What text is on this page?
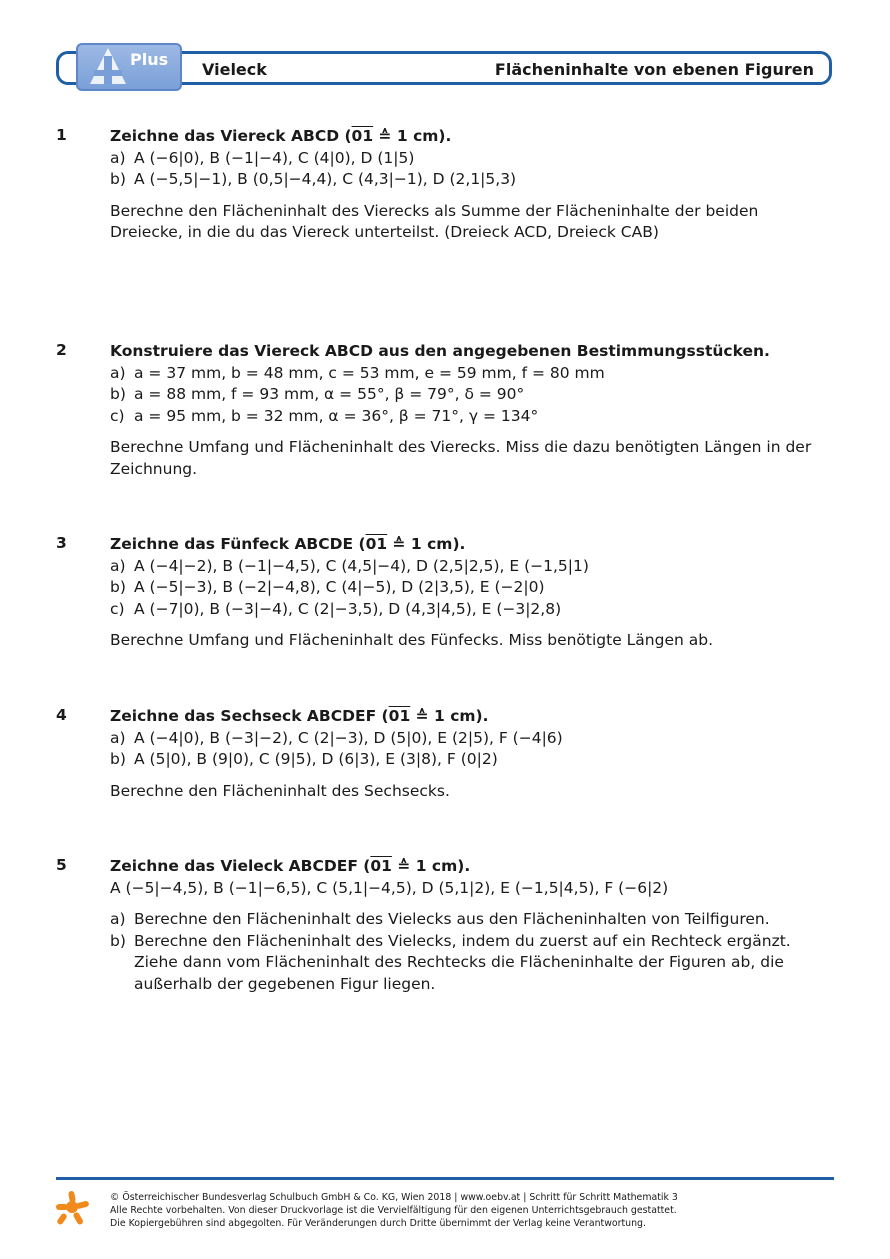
Plus
Vieleck	Flächeninhalte von ebenen Figuren
1	Zeichne das Viereck ABCD (01 ≙ 1 cm).
a) A (−6|0), B (−1|−4), C (4|0), D (1|5)
b) A (−5,5|−1), B (0,5|−4,4), C (4,3|−1), D (2,1|5,3)
Berechne den Flächeninhalt des Vierecks als Summe der Flächeninhalte der beiden Dreiecke, in die du das Viereck unterteilst. (Dreieck ACD, Dreieck CAB)
2	Konstruiere das Viereck ABCD aus den angegebenen Bestimmungsstücken.
a) a = 37 mm, b = 48 mm, c = 53 mm, e = 59 mm, f = 80 mm
b) a = 88 mm, f = 93 mm, α = 55°, β = 79°, δ = 90°
c) a = 95 mm, b = 32 mm, α = 36°, β = 71°, γ = 134°
Berechne Umfang und Flächeninhalt des Vierecks. Miss die dazu benötigten Längen in der Zeichnung.
3	Zeichne das Fünfeck ABCDE (01 ≙ 1 cm).
a) A (−4|−2), B (−1|−4,5), C (4,5|−4), D (2,5|2,5), E (−1,5|1)
b) A (−5|−3), B (−2|−4,8), C (4|−5), D (2|3,5), E (−2|0)
c) A (−7|0), B (−3|−4), C (2|−3,5), D (4,3|4,5), E (−3|2,8)
Berechne Umfang und Flächeninhalt des Fünfecks. Miss benötigte Längen ab.
4	Zeichne das Sechseck ABCDEF (01 ≙ 1 cm).
a) A (−4|0), B (−3|−2), C (2|−3), D (5|0), E (2|5), F (−4|6)
b) A (5|0), B (9|0), C (9|5), D (6|3), E (3|8), F (0|2)
Berechne den Flächeninhalt des Sechsecks.
5	Zeichne das Vieleck ABCDEF (01 ≙ 1 cm).
A (−5|−4,5), B (−1|−6,5), C (5,1|−4,5), D (5,1|2), E (−1,5|4,5), F (−6|2)
a) Berechne den Flächeninhalt des Vielecks aus den Flächeninhalten von Teilfiguren.
b) Berechne den Flächeninhalt des Vielecks, indem du zuerst auf ein Rechteck ergänzt.
Ziehe dann vom Flächeninhalt des Rechtecks die Flächeninhalte der Figuren ab, die
außerhalb der gegebenen Figur liegen.
© Österreichischer Bundesverlag Schulbuch GmbH & Co. KG, Wien 2018 | www.oebv.at | Schritt für Schritt Mathematik 3
Alle Rechte vorbehalten. Von dieser Druckvorlage ist die Vervielfältigung für den eigenen Unterrichtsgebrauch gestattet.
Die Kopiergebühren sind abgegolten. Für Veränderungen durch Dritte übernimmt der Verlag keine Verantwortung.
